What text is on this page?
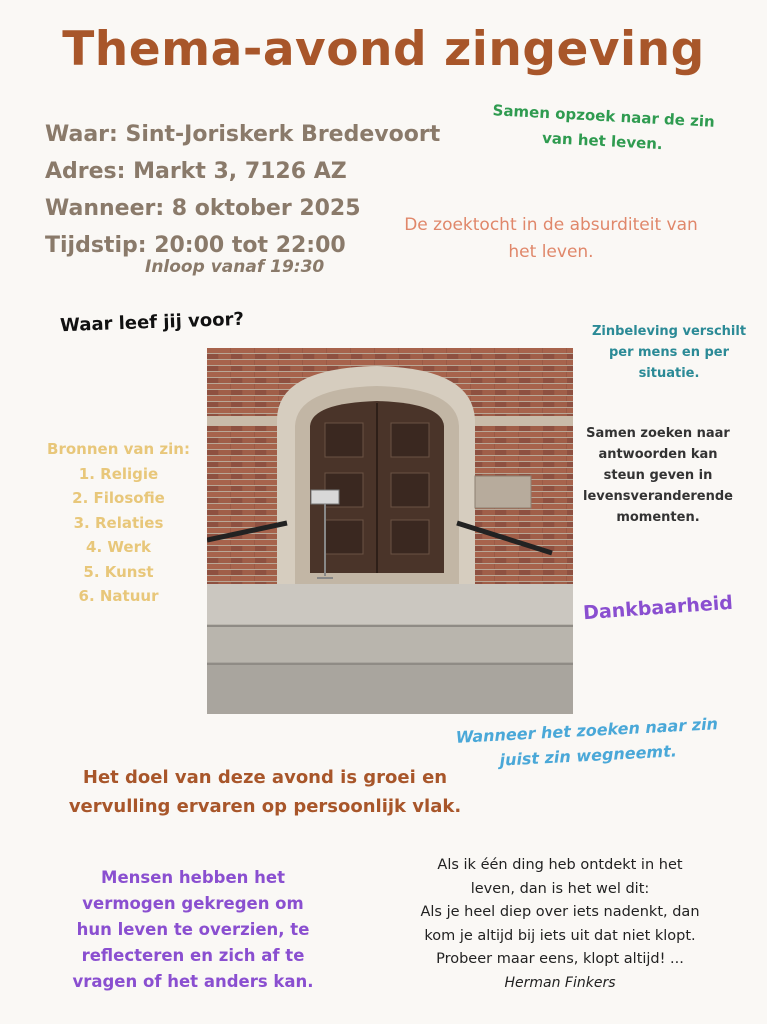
Thema-avond zingeving
Waar: Sint-Joriskerk Bredevoort
Adres: Markt 3, 7126 AZ
Wanneer: 8 oktober 2025
Tijdstip: 20:00 tot 22:00
Inloop vanaf 19:30
Samen opzoek naar de zin
van het leven.
De zoektocht in de absurditeit van
het leven.
Waar leef jij voor?	Zinbeleving verschilt
per mens en per
situatie.
Samen zoeken naar
antwoorden kan
steun geven in
levensveranderende
momenten.
Bronnen van zin:
1. Religie
2. Filosofie
3. Relaties
4. Werk
5. Kunst
6. Natuur	Dankbaarheid
Wanneer het zoeken naar zin
juist zin wegneemt.
Het doel van deze avond is groei en
vervulling ervaren op persoonlijk vlak.
Mensen hebben het
vermogen gekregen om
hun leven te overzien, te
reflecteren en zich af te
vragen of het anders kan.
Als ik één ding heb ontdekt in het
leven, dan is het wel dit:
Als je heel diep over iets nadenkt, dan
kom je altijd bij iets uit dat niet klopt.
Probeer maar eens, klopt altijd! ...
Herman Finkers
